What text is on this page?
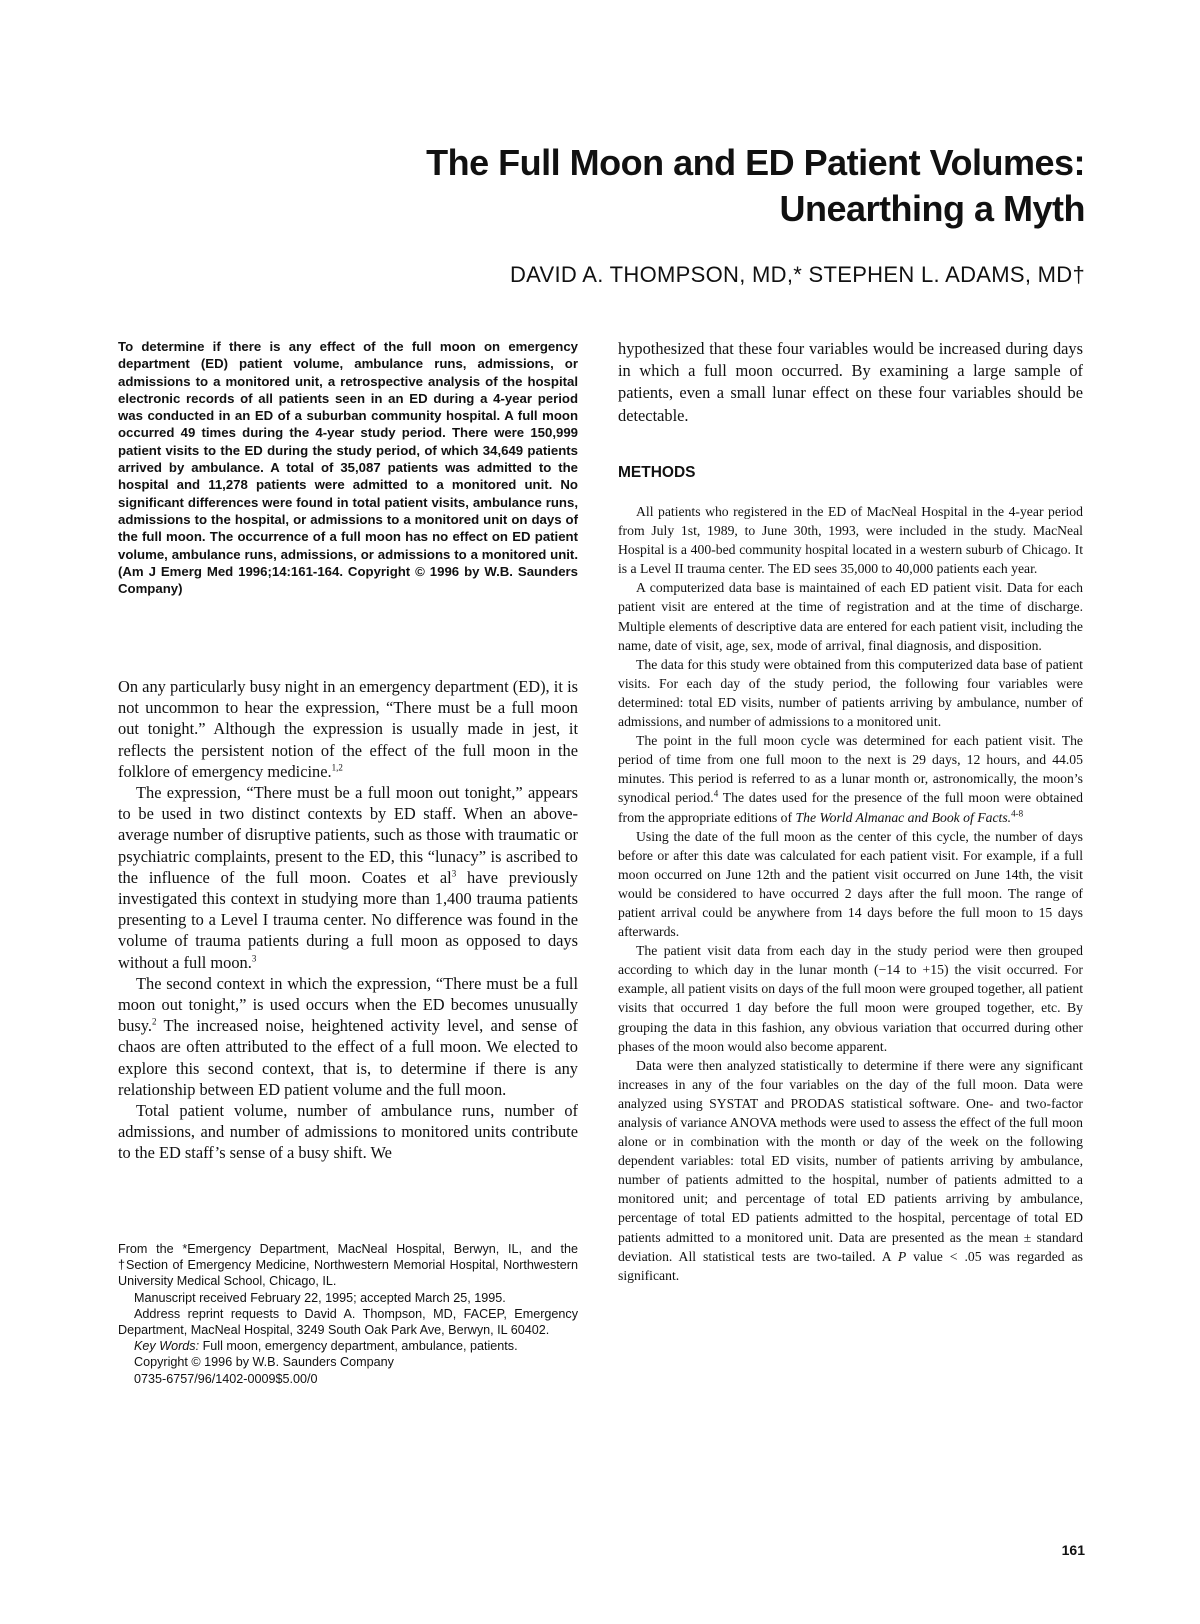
The Full Moon and ED Patient Volumes:
Unearthing a Myth

DAVID A. THOMPSON, MD,* STEPHEN L. ADAMS, MD†

To determine if there is any effect of the full moon on emergency department (ED) patient volume, ambulance runs, admissions, or admissions to a monitored unit, a retrospective analysis of the hospital electronic records of all patients seen in an ED during a 4-year period was conducted in an ED of a suburban community hospital. A full moon occurred 49 times during the 4-year study period. There were 150,999 patient visits to the ED during the study period, of which 34,649 patients arrived by ambulance. A total of 35,087 patients was admitted to the hospital and 11,278 patients were admitted to a monitored unit. No significant differences were found in total patient visits, ambulance runs, admissions to the hospital, or admissions to a monitored unit on days of the full moon. The occurrence of a full moon has no effect on ED patient volume, ambulance runs, admissions, or admissions to a monitored unit. (Am J Emerg Med 1996;14:161-164. Copyright © 1996 by W.B. Saunders Company)

On any particularly busy night in an emergency department (ED), it is not uncommon to hear the expression, “There must be a full moon out tonight.” Although the expression is usually made in jest, it reflects the persistent notion of the effect of the full moon in the folklore of emergency medicine.$^{1,2}$

The expression, “There must be a full moon out tonight,” appears to be used in two distinct contexts by ED staff. When an above-average number of disruptive patients, such as those with traumatic or psychiatric complaints, present to the ED, this “lunacy” is ascribed to the influence of the full moon. Coates et $al^3$ have previously investigated this context in studying more than 1,400 trauma patients presenting to a Level I trauma center. No difference was found in the volume of trauma patients during a full moon as opposed to days without a full moon.$^3$

The second context in which the expression, “There must be a full moon out tonight,” is used occurs when the ED becomes unusually busy.$^2$ The increased noise, heightened activity level, and sense of chaos are often attributed to the effect of a full moon. We elected to explore this second context, that is, to determine if there is any relationship between ED patient volume and the full moon.

Total patient volume, number of ambulance runs, number of admissions, and number of admissions to monitored units contribute to the ED staff’s sense of a busy shift. We

hypothesized that these four variables would be increased during days in which a full moon occurred. By examining a large sample of patients, even a small lunar effect on these four variables should be detectable.

METHODS

All patients who registered in the ED of MacNeal Hospital in the 4-year period from July 1st, 1989, to June 30th, 1993, were included in the study. MacNeal Hospital is a 400-bed community hospital located in a western suburb of Chicago. It is a Level II trauma center. The ED sees 35,000 to 40,000 patients each year.

A computerized data base is maintained of each ED patient visit. Data for each patient visit are entered at the time of registration and at the time of discharge. Multiple elements of descriptive data are entered for each patient visit, including the name, date of visit, age, sex, mode of arrival, final diagnosis, and disposition.

The data for this study were obtained from this computerized data base of patient visits. For each day of the study period, the following four variables were determined: total ED visits, number of patients arriving by ambulance, number of admissions, and number of admissions to a monitored unit.

The point in the full moon cycle was determined for each patient visit. The period of time from one full moon to the next is 29 days, 12 hours, and 44.05 minutes. This period is referred to as a lunar month or, astronomically, the moon’s synodical period.$^4$ The dates used for the presence of the full moon were obtained from the appropriate editions of The World Almanac and Book of Facts.$^{4-8}$

Using the date of the full moon as the center of this cycle, the number of days before or after this date was calculated for each patient visit. For example, if a full moon occurred on June 12th and the patient visit occurred on June 14th, the visit would be considered to have occurred 2 days after the full moon. The range of patient arrival could be anywhere from 14 days before the full moon to 15 days afterwards.

The patient visit data from each day in the study period were then grouped according to which day in the lunar month (−14 to +15) the visit occurred. For example, all patient visits on days of the full moon were grouped together, all patient visits that occurred 1 day before the full moon were grouped together, etc. By grouping the data in this fashion, any obvious variation that occurred during other phases of the moon would also become apparent.

Data were then analyzed statistically to determine if there were any significant increases in any of the four variables on the day of the full moon. Data were analyzed using SYSTAT and PRODAS statistical software. One- and two-factor analysis of variance ANOVA methods were used to assess the effect of the full moon alone or in combination with the month or day of the week on the following dependent variables: total ED visits, number of patients arriving by ambulance, number of patients admitted to the hospital, number of patients admitted to a monitored unit; and percentage of total ED patients arriving by ambulance, percentage of total ED patients admitted to the hospital, percentage of total ED patients admitted to a monitored unit. Data are presented as the mean ± standard deviation. All statistical tests are two-tailed. A P value < .05 was regarded as significant.

From the *Emergency Department, MacNeal Hospital, Berwyn, IL, and the †Section of Emergency Medicine, Northwestern Memorial Hospital, Northwestern University Medical School, Chicago, IL.

Manuscript received February 22, 1995; accepted March 25, 1995.

Address reprint requests to David A. Thompson, MD, FACEP, Emergency Department, MacNeal Hospital, 3249 South Oak Park Ave, Berwyn, IL 60402.

Key Words: Full moon, emergency department, ambulance, patients.

Copyright © 1996 by W.B. Saunders Company

0735-6757/96/1402-0009$5.00/0

161
